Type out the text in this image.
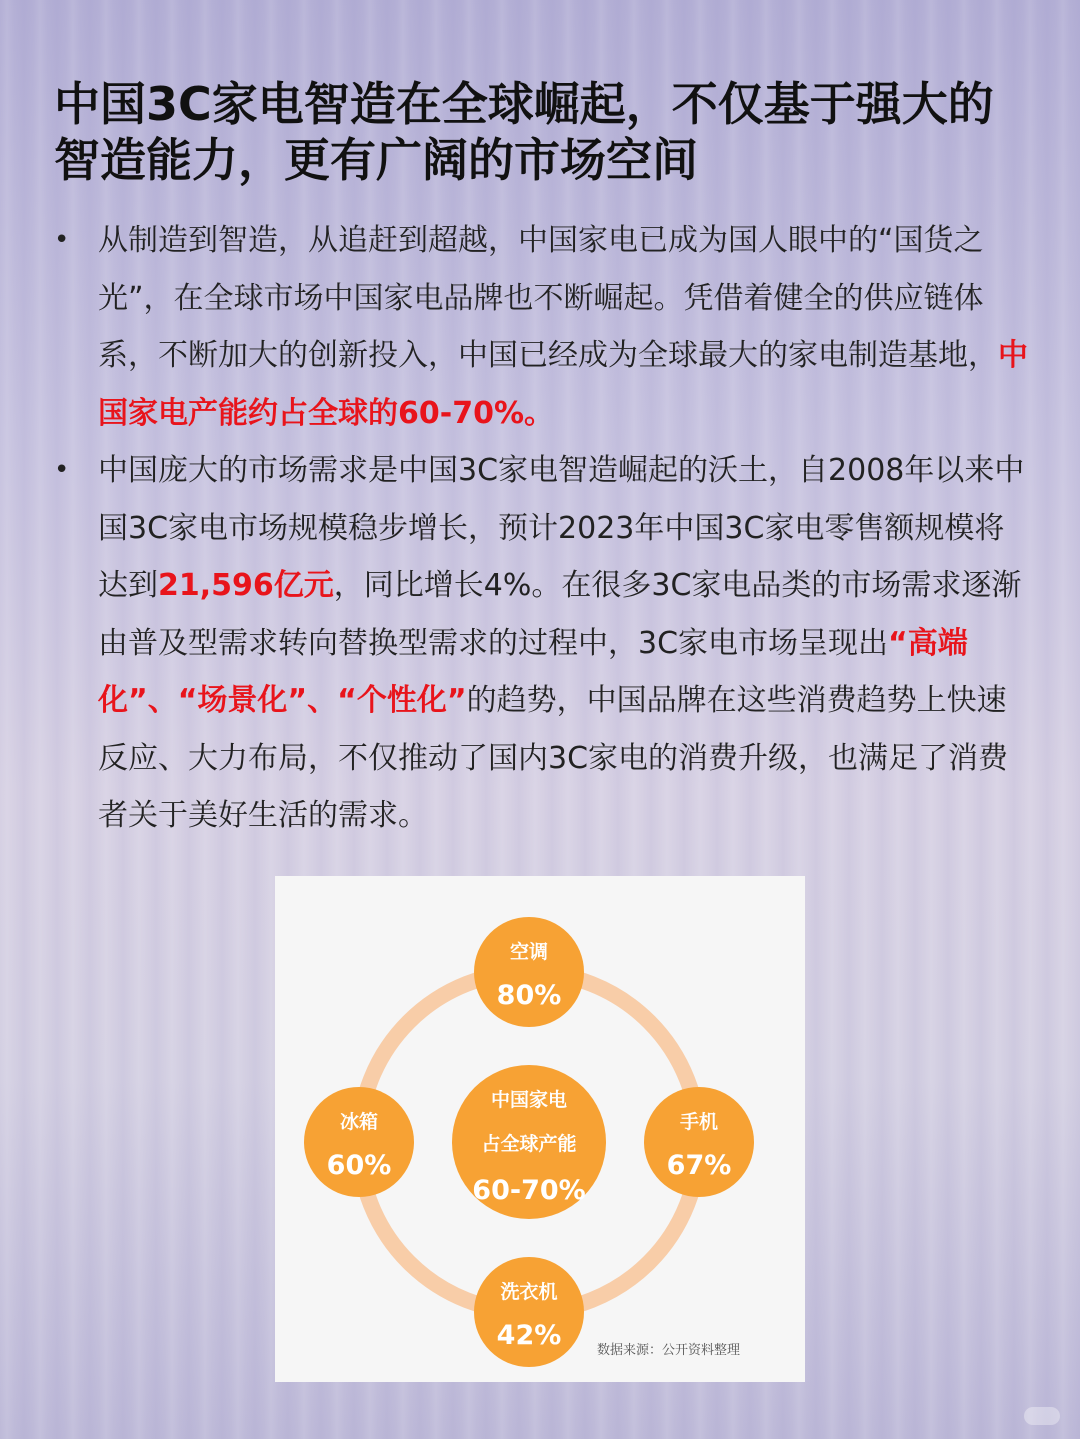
中国3C家电智造在全球崛起，不仅基于强大的智造能力，更有广阔的市场空间
• 从制造到智造，从追赶到超越，中国家电已成为国人眼中的“国货之光”，在全球市场中国家电品牌也不断崛起。凭借着健全的供应链体系，不断加大的创新投入，中国已经成为全球最大的家电制造基地，中国家电产能约占全球的60-70%。
• 中国庞大的市场需求是中国3C家电智造崛起的沃土，自2008年以来中国3C家电市场规模稳步增长，预计2023年中国3C家电零售额规模将达到21,596亿元，同比增长4%。在很多3C家电品类的市场需求逐渐由普及型需求转向替换型需求的过程中，3C家电市场呈现出“高端化”、“场景化”、“个性化”的趋势，中国品牌在这些消费趋势上快速反应、大力布局，不仅推动了国内3C家电的消费升级，也满足了消费者关于美好生活的需求。
空调
80%
手机
67%
洗衣机
42%
冰箱
60%
中国家电
占全球产能
60-70%
数据来源：公开资料整理
